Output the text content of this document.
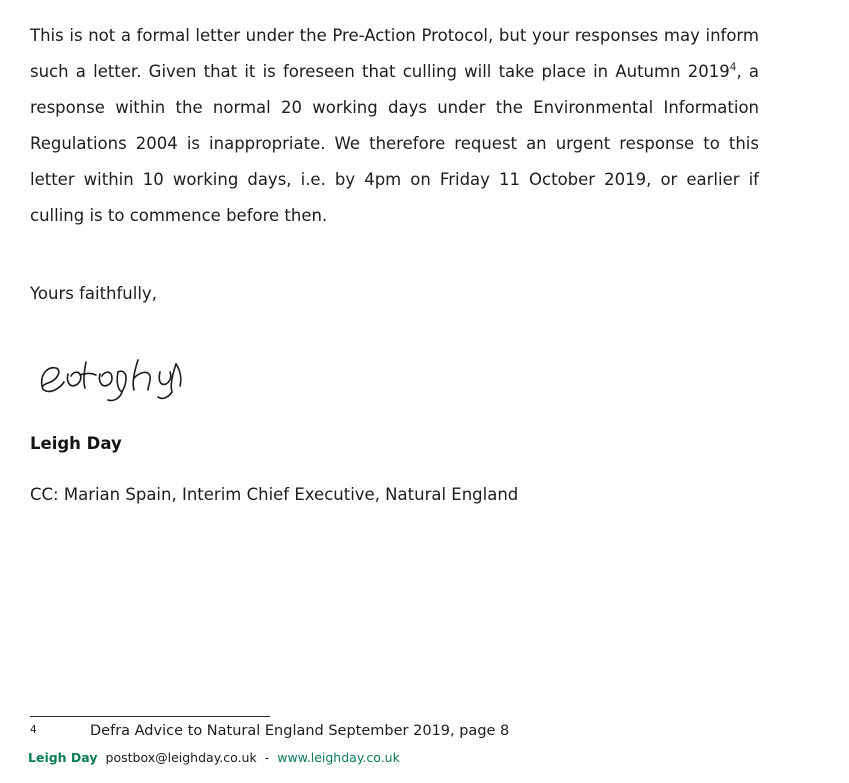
This is not a formal letter under the Pre-Action Protocol, but your responses may inform such a letter. Given that it is foreseen that culling will take place in Autumn 2019$^4$, a response within the normal 20 working days under the Environmental Information Regulations 2004 is inappropriate. We therefore request an urgent response to this letter within 10 working days, i.e. by 4pm on Friday 11 October 2019, or earlier if culling is to commence before then.

Yours faithfully,

Leigh Day

CC: Marian Spain, Interim Chief Executive, Natural England

4	Defra Advice to Natural England September 2019, page 8
Leigh Day postbox@leighday.co.uk - www.leighday.co.uk
